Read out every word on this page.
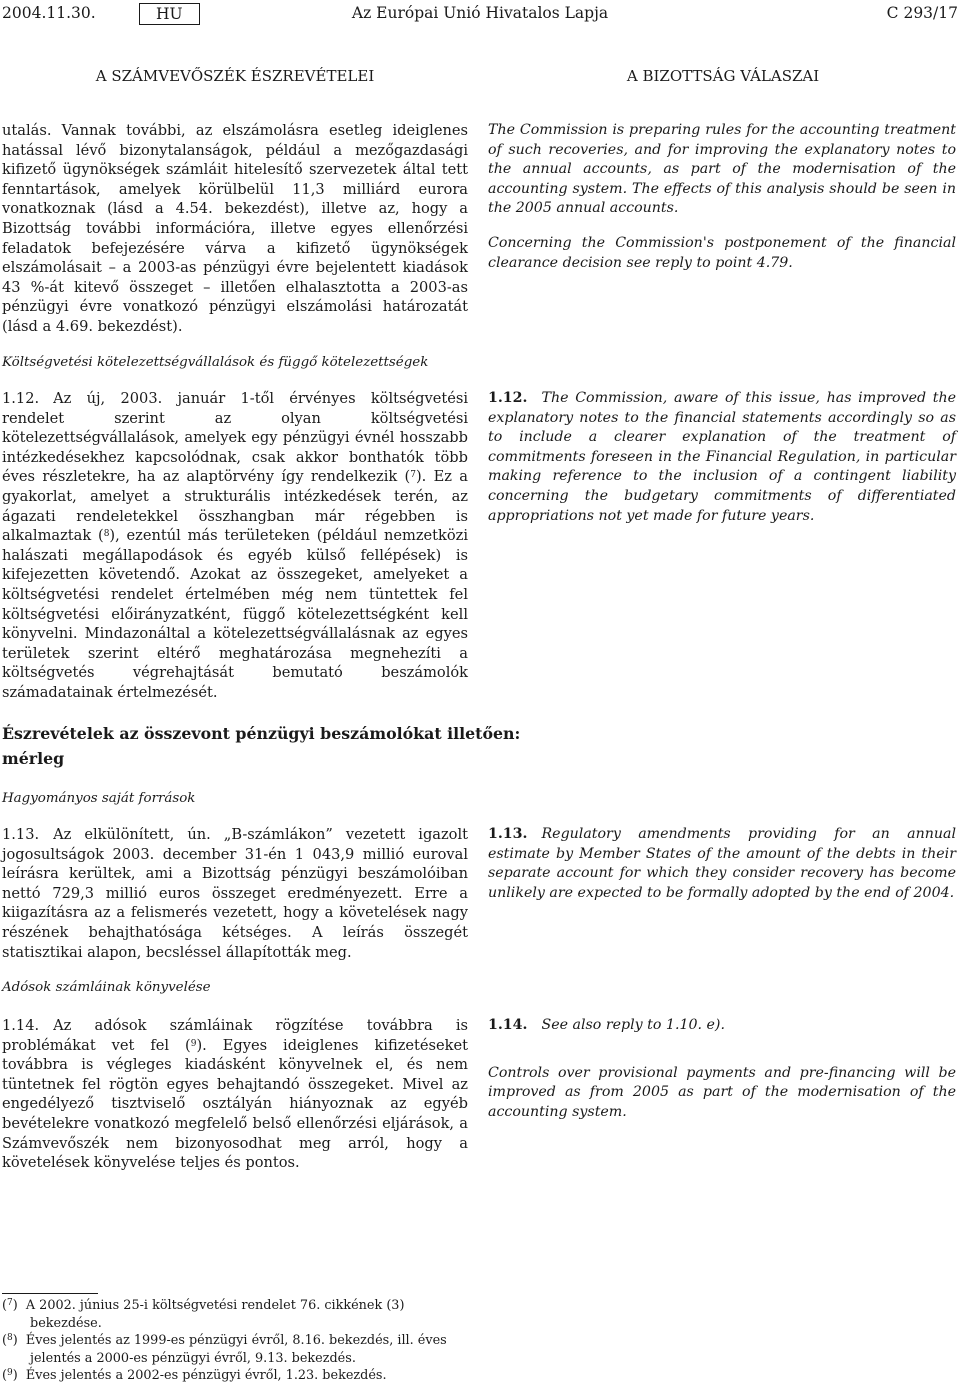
2004.11.30.	HU	Az Európai Unió Hivatalos Lapja	C 293/17
A SZÁMVEVŐSZÉK ÉSZREVÉTELEI	A BIZOTTSÁG VÁLASZAI

utalás. Vannak további, az elszámolásra esetleg ideiglenes hatással lévő bizonytalanságok, például a mezőgazdasági kifizető ügynökségek számláit hitelesítő szervezetek által tett fenntartások, amelyek körülbelül 11,3 milliárd eurora vonatkoznak (lásd a 4.54. bekezdést), illetve az, hogy a Bizottság további információra, illetve egyes ellenőrzési feladatok befejezésére várva a kifizető ügynökségek elszámolásait – a 2003-as pénzügyi évre bejelentett kiadások 43 %-át kitevő összeget – illetően elhalasztotta a 2003-as pénzügyi évre vonatkozó pénzügyi elszámolási határozatát (lásd a 4.69. bekezdést).

The Commission is preparing rules for the accounting treatment of such recoveries, and for improving the explanatory notes to the annual accounts, as part of the modernisation of the accounting system. The effects of this analysis should be seen in the 2005 annual accounts.

Concerning the Commission's postponement of the financial clearance decision see reply to point 4.79.

Költségvetési kötelezettségvállalások és függő kötelezettségek

1.12. Az új, 2003. január 1-től érvényes költségvetési rendelet szerint az olyan költségvetési kötelezettségvállalások, amelyek egy pénzügyi évnél hosszabb intézkedésekhez kapcsolódnak, csak akkor bonthatók több éves részletekre, ha az alaptörvény így rendelkezik ($^7$). Ez a gyakorlat, amelyet a strukturális intézkedések terén, az ágazati rendeletekkel összhangban már régebben is alkalmaztak ($^8$), ezentúl más területeken (például nemzetközi halászati megállapodások és egyéb külső fellépések) is kifejezetten követendő. Azokat az összegeket, amelyeket a költségvetési rendelet értelmében még nem tüntettek fel költségvetési előirányzatként, függő kötelezettségként kell könyvelni. Mindazonáltal a kötelezettségvállalásnak az egyes területek szerint eltérő meghatározása megnehezíti a költségvetés végrehajtását bemutató beszámolók számadatainak értelmezését.

1.12. The Commission, aware of this issue, has improved the explanatory notes to the financial statements accordingly so as to include a clearer explanation of the treatment of commitments foreseen in the Financial Regulation, in particular making reference to the inclusion of a contingent liability concerning the budgetary commitments of differentiated appropriations not yet made for future years.

Észrevételek az összevont pénzügyi beszámolókat illetően: mérleg
Hagyományos saját források

1.13. Az elkülönített, ún. „B-számlákon” vezetett igazolt jogosultságok 2003. december 31-én 1 043,9 millió euroval leírásra kerültek, ami a Bizottság pénzügyi beszámolóiban nettó 729,3 millió euros összeget eredményezett. Erre a kiigazításra az a felismerés vezetett, hogy a követelések nagy részének behajthatósága kétséges. A leírás összegét statisztikai alapon, becsléssel állapították meg.

1.13. Regulatory amendments providing for an annual estimate by Member States of the amount of the debts in their separate account for which they consider recovery has become unlikely are expected to be formally adopted by the end of 2004.

Adósok számláinak könyvelése

1.14. Az adósok számláinak rögzítése továbbra is problémákat vet fel ($^9$). Egyes ideiglenes kifizetéseket továbbra is végleges kiadásként könyvelnek el, és nem tüntetnek fel rögtön egyes behajtandó összegeket. Mivel az engedélyező tisztviselő osztályán hiányoznak az egyéb bevételekre vonatkozó megfelelő belső ellenőrzési eljárások, a Számvevőszék nem bizonyosodhat meg arról, hogy a követelések könyvelése teljes és pontos.

1.14. See also reply to 1.10. e).

Controls over provisional payments and pre-financing will be improved as from 2005 as part of the modernisation of the accounting system.

($^7$)  A 2002. június 25-i költségvetési rendelet 76. cikkének (3) bekezdése.

($^8$)  Éves jelentés az 1999-es pénzügyi évről, 8.16. bekezdés, ill. éves jelentés a 2000-es pénzügyi évről, 9.13. bekezdés.

($^9$)  Éves jelentés a 2002-es pénzügyi évről, 1.23. bekezdés.
